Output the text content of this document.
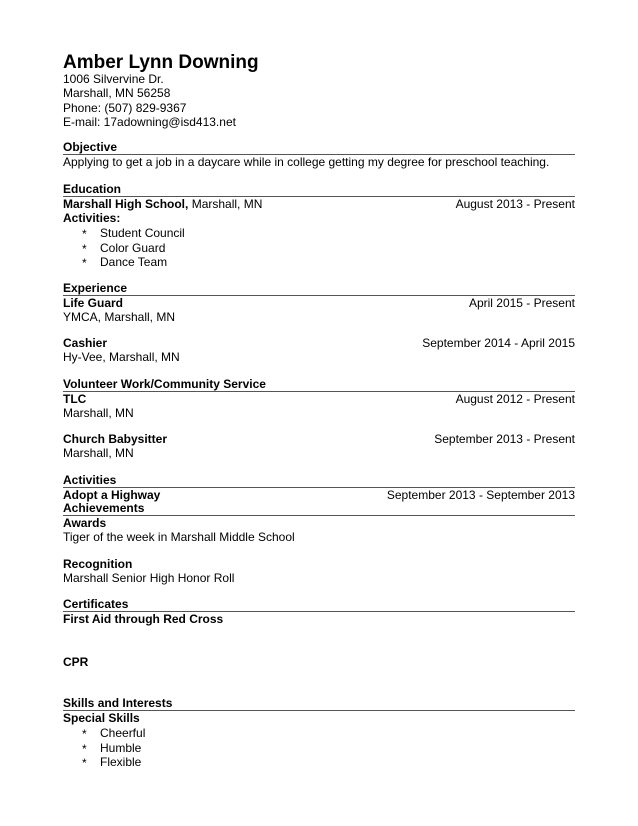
Amber Lynn Downing
1006 Silvervine Dr.
Marshall, MN 56258
Phone: (507) 829-9367
E-mail: 17adowning@isd413.net
Objective
Applying to get a job in a daycare while in college getting my degree for preschool teaching.
Education
Marshall High School, Marshall, MN	August 2013 - Present
Activities:
* Student Council
* Color Guard
* Dance Team
Experience
Life Guard	April 2015 - Present
YMCA, Marshall, MN
Cashier	September 2014 - April 2015
Hy-Vee, Marshall, MN
Volunteer Work/Community Service
TLC	August 2012 - Present
Marshall, MN
Church Babysitter	September 2013 - Present
Marshall, MN
Activities
Adopt a Highway	September 2013 - September 2013
Achievements
Awards
Tiger of the week in Marshall Middle School
Recognition
Marshall Senior High Honor Roll
Certificates
First Aid through Red Cross
CPR
Skills and Interests
Special Skills
* Cheerful
* Humble
* Flexible
